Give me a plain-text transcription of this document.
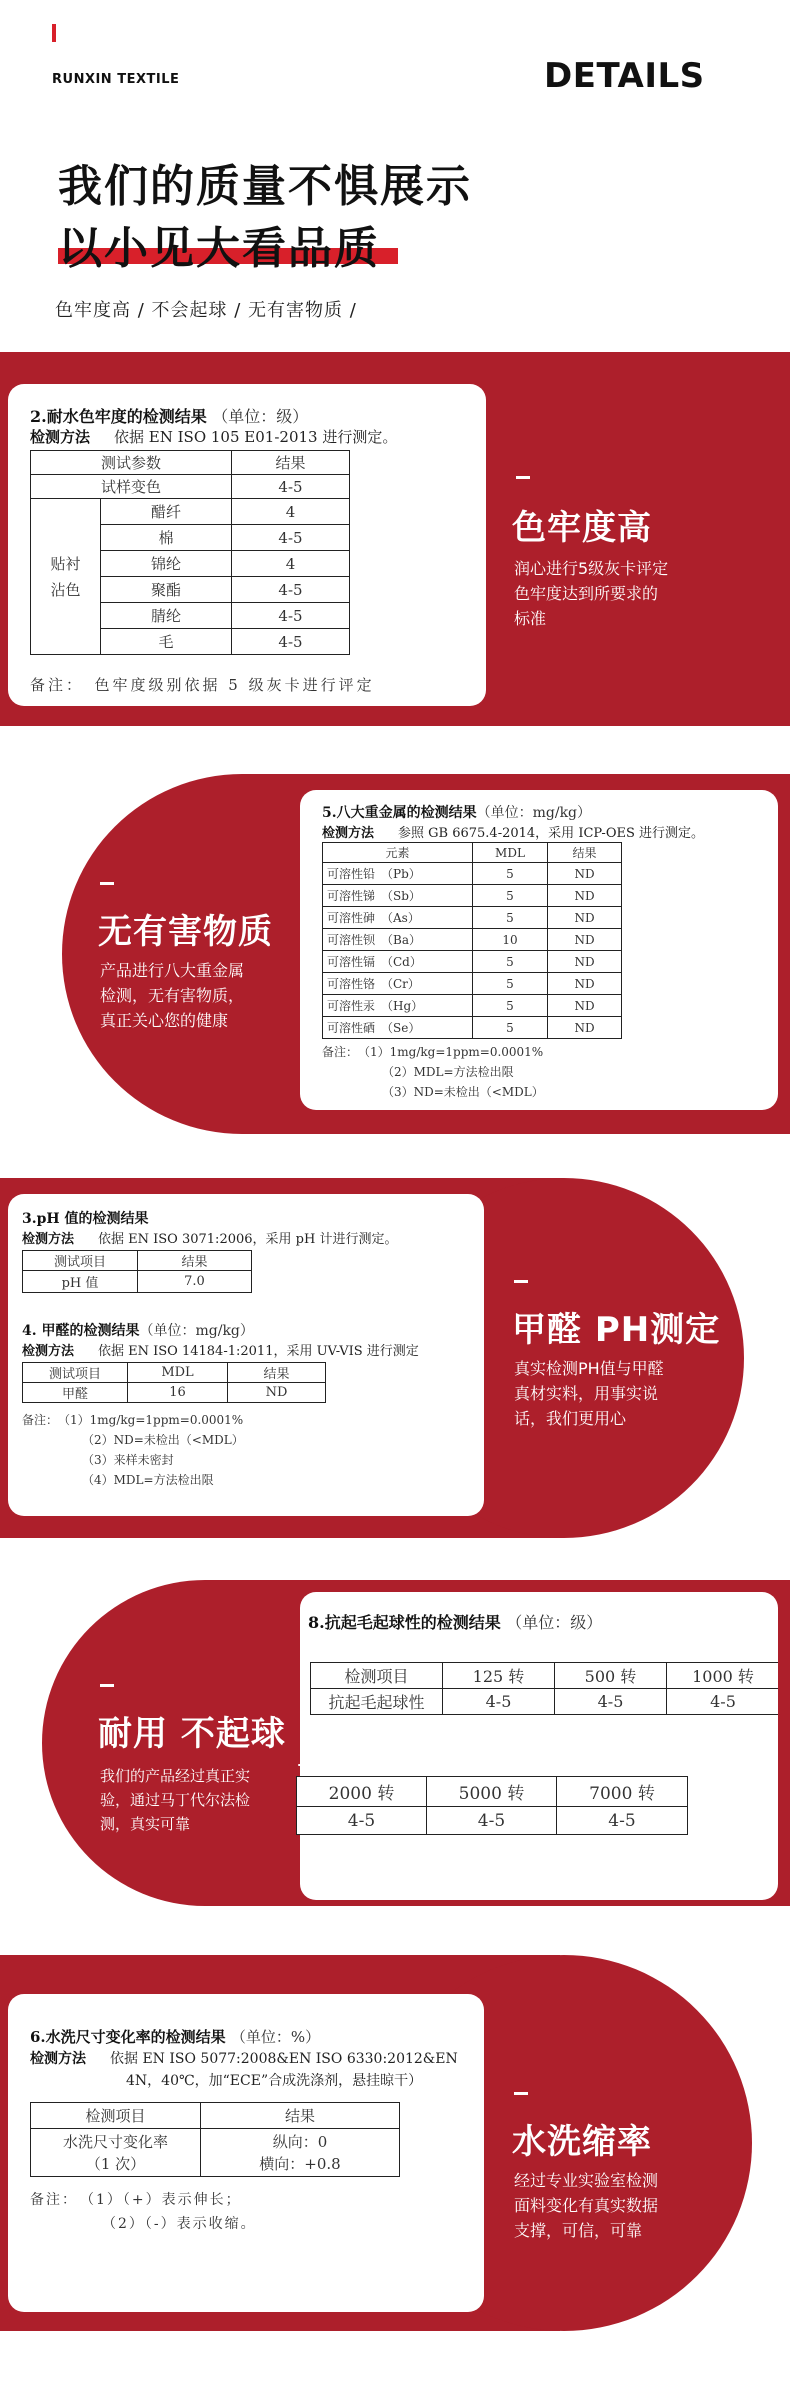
RUNXIN TEXTILE	DETAILS
我们的质量不惧展示
以小见大看品质
色牢度高 / 不会起球 / 无有害物质 /
2.耐水色牢度的检测结果 （单位：级）
检测方法 依据 EN ISO 105 E01-2013 进行测定。
测试参数		结果
试样变色		4-5
贴衬
沾色	醋纤	4
	棉	4-5
	锦纶	4
	聚酯	4-5
	腈纶	4-5
	毛	4-5
备注：　色牢度级别依据 5 级灰卡进行评定
色牢度高
润心进行5级灰卡评定
色牢度达到所要求的
标准
5.八大重金属的检测结果（单位：mg/kg）
检测方法 参照 GB 6675.4-2014，采用 ICP-OES 进行测定。
元素	MDL	结果
可溶性铅　（Pb）	5	ND
可溶性锑　（Sb）	5	ND
可溶性砷　（As）	5	ND
可溶性钡　（Ba）	10	ND
可溶性镉　（Cd）	5	ND
可溶性铬　（Cr）	5	ND
可溶性汞　（Hg）	5	ND
可溶性硒　（Se）	5	ND
备注：　（1）1mg/kg=1ppm=0.0001%
（2）MDL=方法检出限
（3）ND=未检出（<MDL）
无有害物质
产品进行八大重金属
检测，无有害物质，
真正关心您的健康
3.pH 值的检测结果
检测方法 依据 EN ISO 3071:2006，采用 pH 计进行测定。
测试项目	结果
pH 值	7.0
4. 甲醛的检测结果（单位：mg/kg）
检测方法 依据 EN ISO 14184-1:2011，采用 UV-VIS 进行测定
测试项目	MDL	结果
甲醛	16	ND
备注：　（1）1mg/kg=1ppm=0.0001%
（2）ND=未检出（<MDL）
（3）来样未密封
（4）MDL=方法检出限
甲醛 PH测定
真实检测PH值与甲醛
真材实料，用事实说
话，我们更用心
8.抗起毛起球性的检测结果 （单位：级）
检测项目	125 转	500 转	1000 转
抗起毛起球性	4-5	4-5	4-5
2000 转	5000 转	7000 转
4-5	4-5	4-5
耐用 不起球
我们的产品经过真正实
验，通过马丁代尔法检
测，真实可靠
6.水洗尺寸变化率的检测结果 （单位：%）
检测方法 依据 EN ISO 5077:2008&EN ISO 6330:2012&EN
4N，40℃，加“ECE”合成洗涤剂，悬挂晾干）
检测项目	结果
水洗尺寸变化率
（1 次）	纵向：0
横向：+0.8
备注：　（1）（+）表示伸长；
（2）（-）表示收缩。
水洗缩率
经过专业实验室检测
面料变化有真实数据
支撑，可信，可靠
